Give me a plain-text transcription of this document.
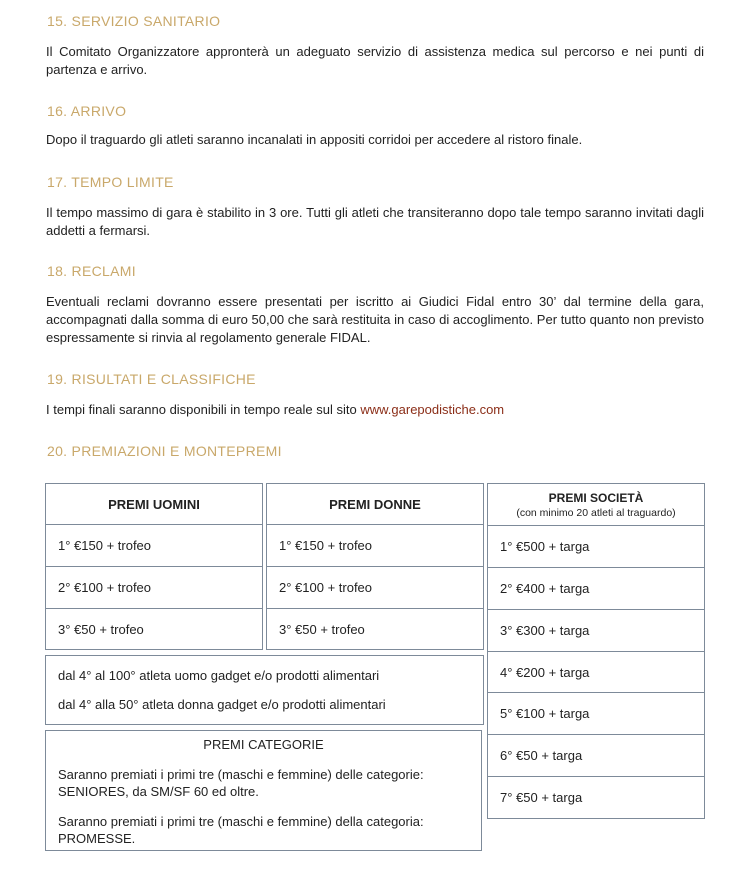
15. SERVIZIO SANITARIO

Il Comitato Organizzatore appronterà un adeguato servizio di assistenza medica sul percorso e nei punti di partenza e arrivo.

16. ARRIVO

Dopo il traguardo gli atleti saranno incanalati in appositi corridoi per accedere al ristoro finale.

17. TEMPO LIMITE

Il tempo massimo di gara è stabilito in 3 ore. Tutti gli atleti che transiteranno dopo tale tempo saranno invitati dagli addetti a fermarsi.

18. RECLAMI

Eventuali reclami dovranno essere presentati per iscritto ai Giudici Fidal entro 30’ dal termine della gara, accompagnati dalla somma di euro 50,00 che sarà restituita in caso di accoglimento. Per tutto quanto non previsto espressamente si rinvia al regolamento generale FIDAL.

19. RISULTATI E CLASSIFICHE

I tempi finali saranno disponibili in tempo reale sul sito www.garepodistiche.com

20. PREMIAZIONI E MONTEPREMI
PREMI UOMINI
1° €150 + trofeo
2° €100 + trofeo
3° €50 + trofeo
PREMI DONNE
1° €150 + trofeo
2° €100 + trofeo
3° €50 + trofeo
PREMI SOCIETÀ
(con minimo 20 atleti al traguardo)
1° €500 + targa
2° €400 + targa
3° €300 + targa
4° €200 + targa
5° €100 + targa
6° €50 + targa
7° €50 + targa
dal 4° al 100° atleta uomo gadget e/o prodotti alimentari
dal 4° alla 50° atleta donna gadget e/o prodotti alimentari
PREMI CATEGORIE
Saranno premiati i primi tre (maschi e femmine) delle categorie: SENIORES, da SM/SF 60 ed oltre.
Saranno premiati i primi tre (maschi e femmine) della categoria: PROMESSE.
